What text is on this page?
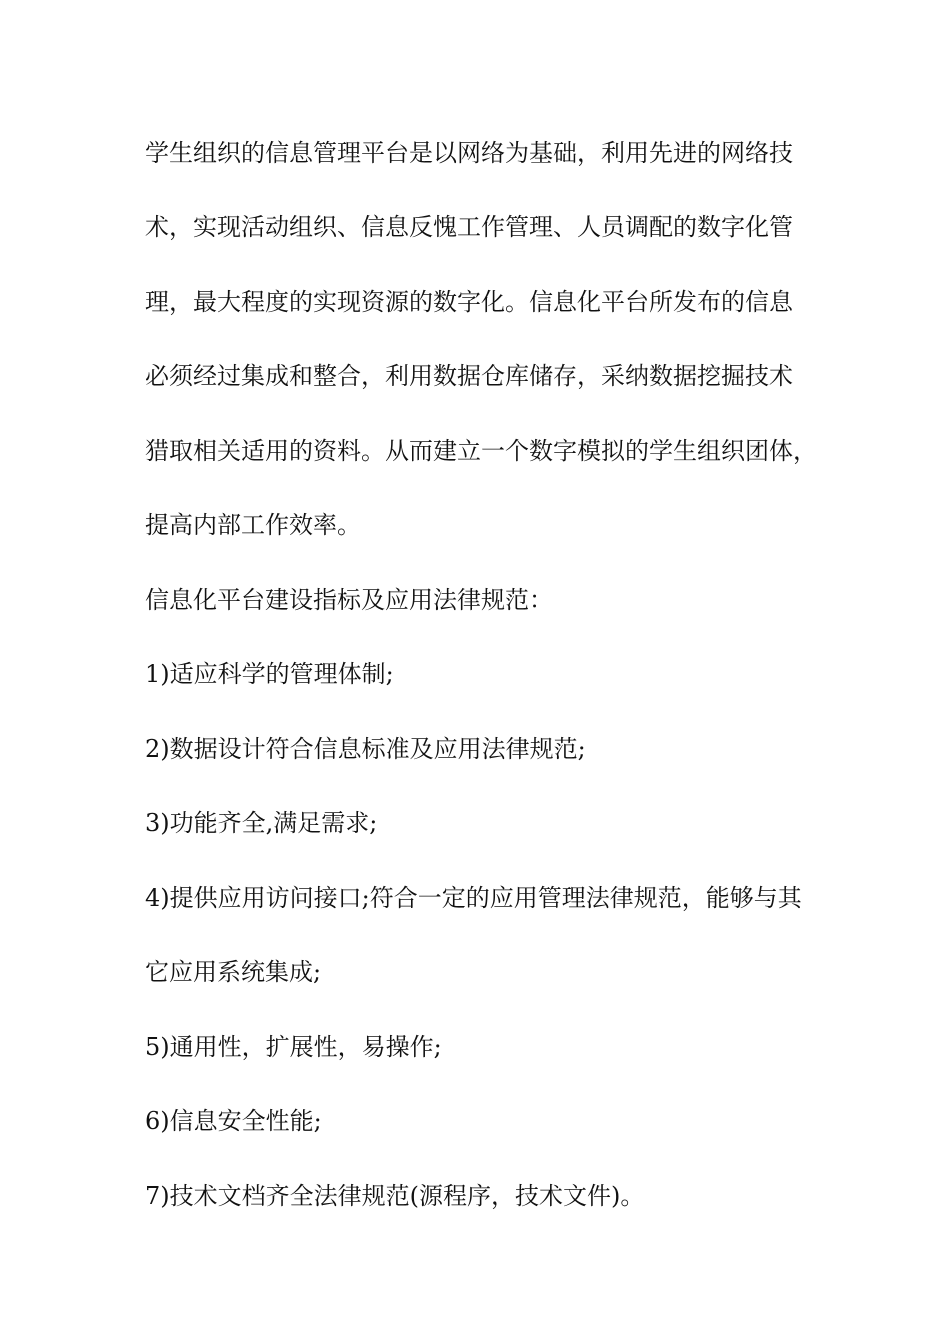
学生组织的信息管理平台是以网络为基础，利用先进的网络技
术，实现活动组织、信息反愧工作管理、人员调配的数字化管
理，最大程度的实现资源的数字化。信息化平台所发布的信息
必须经过集成和整合，利用数据仓库储存，采纳数据挖掘技术
猎取相关适用的资料。从而建立一个数字模拟的学生组织团体，
提高内部工作效率。
信息化平台建设指标及应用法律规范：
1)适应科学的管理体制;
2)数据设计符合信息标准及应用法律规范;
3)功能齐全,满足需求;
4)提供应用访问接口;符合一定的应用管理法律规范，能够与其
它应用系统集成;
5)通用性，扩展性，易操作;
6)信息安全性能;
7)技术文档齐全法律规范(源程序，技术文件)。
